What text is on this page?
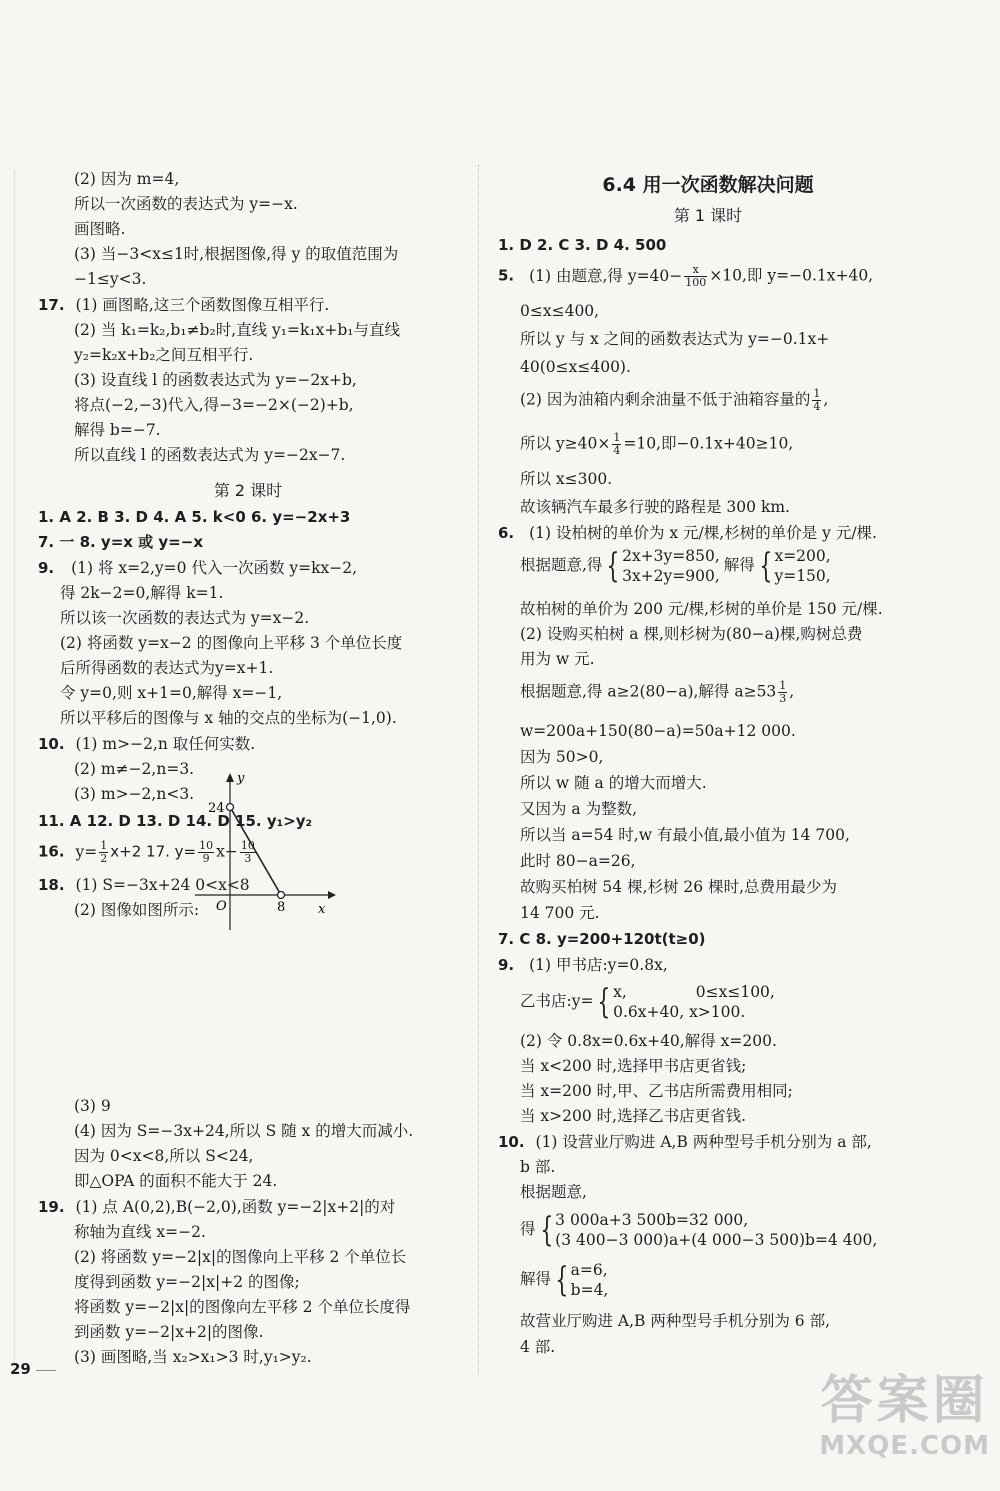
(2) 因为 m=4,
所以一次函数的表达式为 y=−x.
画图略.
(3) 当−3<x≤1时,根据图像,得 y 的取值范围为
−1≤y<3.
17. (1) 画图略,这三个函数图像互相平行.
(2) 当 k₁=k₂,b₁≠b₂时,直线 y₁=k₁x+b₁与直线
y₂=k₂x+b₂之间互相平行.
(3) 设直线 l 的函数表达式为 y=−2x+b,
将点(−2,−3)代入,得−3=−2×(−2)+b,
解得 b=−7.
所以直线 l 的函数表达式为 y=−2x−7.
第 2 课时
1. A 2. B 3. D 4. A 5. k<0 6. y=−2x+3
7. 一 8. y=x 或 y=−x
9. (1) 将 x=2,y=0 代入一次函数 y=kx−2,
得 2k−2=0,解得 k=1.
所以该一次函数的表达式为 y=x−2.
(2) 将函数 y=x−2 的图像向上平移 3 个单位长度
后所得函数的表达式为y=x+1.
令 y=0,则 x+1=0,解得 x=−1,
所以平移后的图像与 x 轴的交点的坐标为(−1,0).
10. (1) m>−2,n 取任何实数.
(2) m≠−2,n=3.
(3) m>−2,n<3.
11. A 12. D 13. D 14. D 15. y₁>y₂
16. $y= \frac{1}{2} x+2$ 17. $y= \frac{10}{9} x- \frac{10}{3}$
18. (1) S=−3x+24 0<x<8
(2) 图像如图所示:
(3) 9
(4) 因为 S=−3x+24,所以 S 随 x 的增大而减小.
因为 0<x<8,所以 S<24,
即△OPA 的面积不能大于 24.
19. (1) 点 A(0,2),B(−2,0),函数 y=−2|x+2|的对
称轴为直线 x=−2.
(2) 将函数 y=−2|x|的图像向上平移 2 个单位长
度得到函数 y=−2|x|+2 的图像;
将函数 y=−2|x|的图像向左平移 2 个单位长度得
到函数 y=−2|x+2|的图像.
(3) 画图略,当 x₂>x₁>3 时,y₁>y₂.
y
x
O
24
8
6.4 用一次函数解决问题
第 1 课时
1. D 2. C 3. D 4. 500
5. (1) 由题意,得 $y=40- \frac{x}{100} \times 10$,即 y=−0.1x+40,
0≤x≤400,
所以 y 与 x 之间的函数表达式为 y=−0.1x+
40(0≤x≤400).
(2) 因为油箱内剩余油量不低于油箱容量的 $\frac{1}{4}$ ,
所以 $y\ge 40\times \frac{1}{4} =10$,即−0.1x+40≥10,
所以 x≤300.
故该辆汽车最多行驶的路程是 300 km.
6. (1) 设柏树的单价为 x 元/棵,杉树的单价是 y 元/棵.
根据题意,得 { 2x+3y=850,
3x+2y=900,
解得 { x=200,
y=150,
故柏树的单价为 200 元/棵,杉树的单价是 150 元/棵.
(2) 设购买柏树 a 棵,则杉树为(80−a)棵,购树总费
用为 w 元.
根据题意,得 a≥2(80−a),解得 $a\ge 53 \frac{1}{3}$ ,
w=200a+150(80−a)=50a+12 000.
因为 50>0,
所以 w 随 a 的增大而增大.
又因为 a 为整数,
所以当 a=54 时,w 有最小值,最小值为 14 700,
此时 80−a=26,
故购买柏树 54 棵,杉树 26 棵时,总费用最少为
14 700 元.
7. C 8. y=200+120t(t≥0)
9. (1) 甲书店:y=0.8x,
乙书店:y= { x,              0≤x≤100,
0.6x+40, x>100.
(2) 令 0.8x=0.6x+40,解得 x=200.
当 x<200 时,选择甲书店更省钱;
当 x=200 时,甲、乙书店所需费用相同;
当 x>200 时,选择乙书店更省钱.
10. (1) 设营业厅购进 A,B 两种型号手机分别为 a 部,
b 部.
根据题意,
得 { 3 000a+3 500b=32 000,
(3 400−3 000)a+(4 000−3 500)b=4 400,
解得 { a=6,
b=4,
故营业厅购进 A,B 两种型号手机分别为 6 部,
4 部.
29
答案圈
MXQE.COM
